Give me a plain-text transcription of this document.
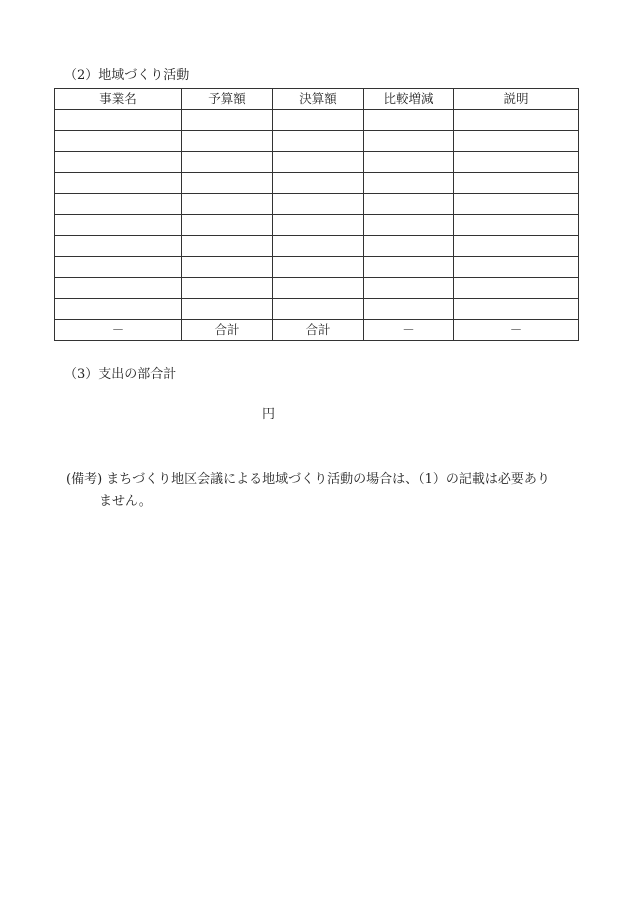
（2）地域づくり活動
事業名	予算額	決算額	比較増減	説明

－	合計	合計	－	－
（3）支出の部合計
円
(備考) まちづくり地区会議による地域づくり活動の場合は、（1）の記載は必要あり
ません。
